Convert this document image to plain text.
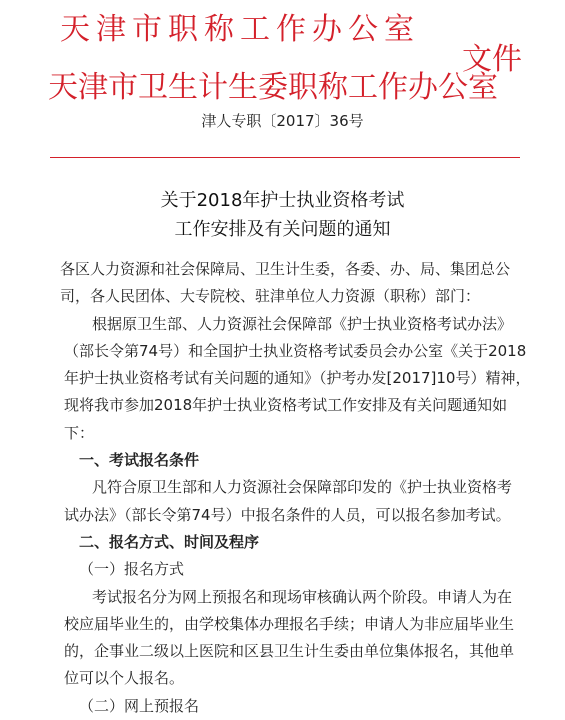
天津市职称工作办公室
天津市卫生计生委职称工作办公室
文件
津人专职〔2017〕36号
关于2018年护士执业资格考试
工作安排及有关问题的通知
各区人力资源和社会保障局、卫生计生委，各委、办、局、集团总公
司，各人民团体、大专院校、驻津单位人力资源（职称）部门：
根据原卫生部、人力资源社会保障部《护士执业资格考试办法》
（部长令第74号）和全国护士执业资格考试委员会办公室《关于2018
年护士执业资格考试有关问题的通知》（护考办发[2017]10号）精神，
现将我市参加2018年护士执业资格考试工作安排及有关问题通知如
下：
一、考试报名条件
凡符合原卫生部和人力资源社会保障部印发的《护士执业资格考
试办法》（部长令第74号）中报名条件的人员，可以报名参加考试。
二、报名方式、时间及程序
（一）报名方式
考试报名分为网上预报名和现场审核确认两个阶段。申请人为在
校应届毕业生的，由学校集体办理报名手续；申请人为非应届毕业生
的，企事业二级以上医院和区县卫生计生委由单位集体报名，其他单
位可以个人报名。
（二）网上预报名
